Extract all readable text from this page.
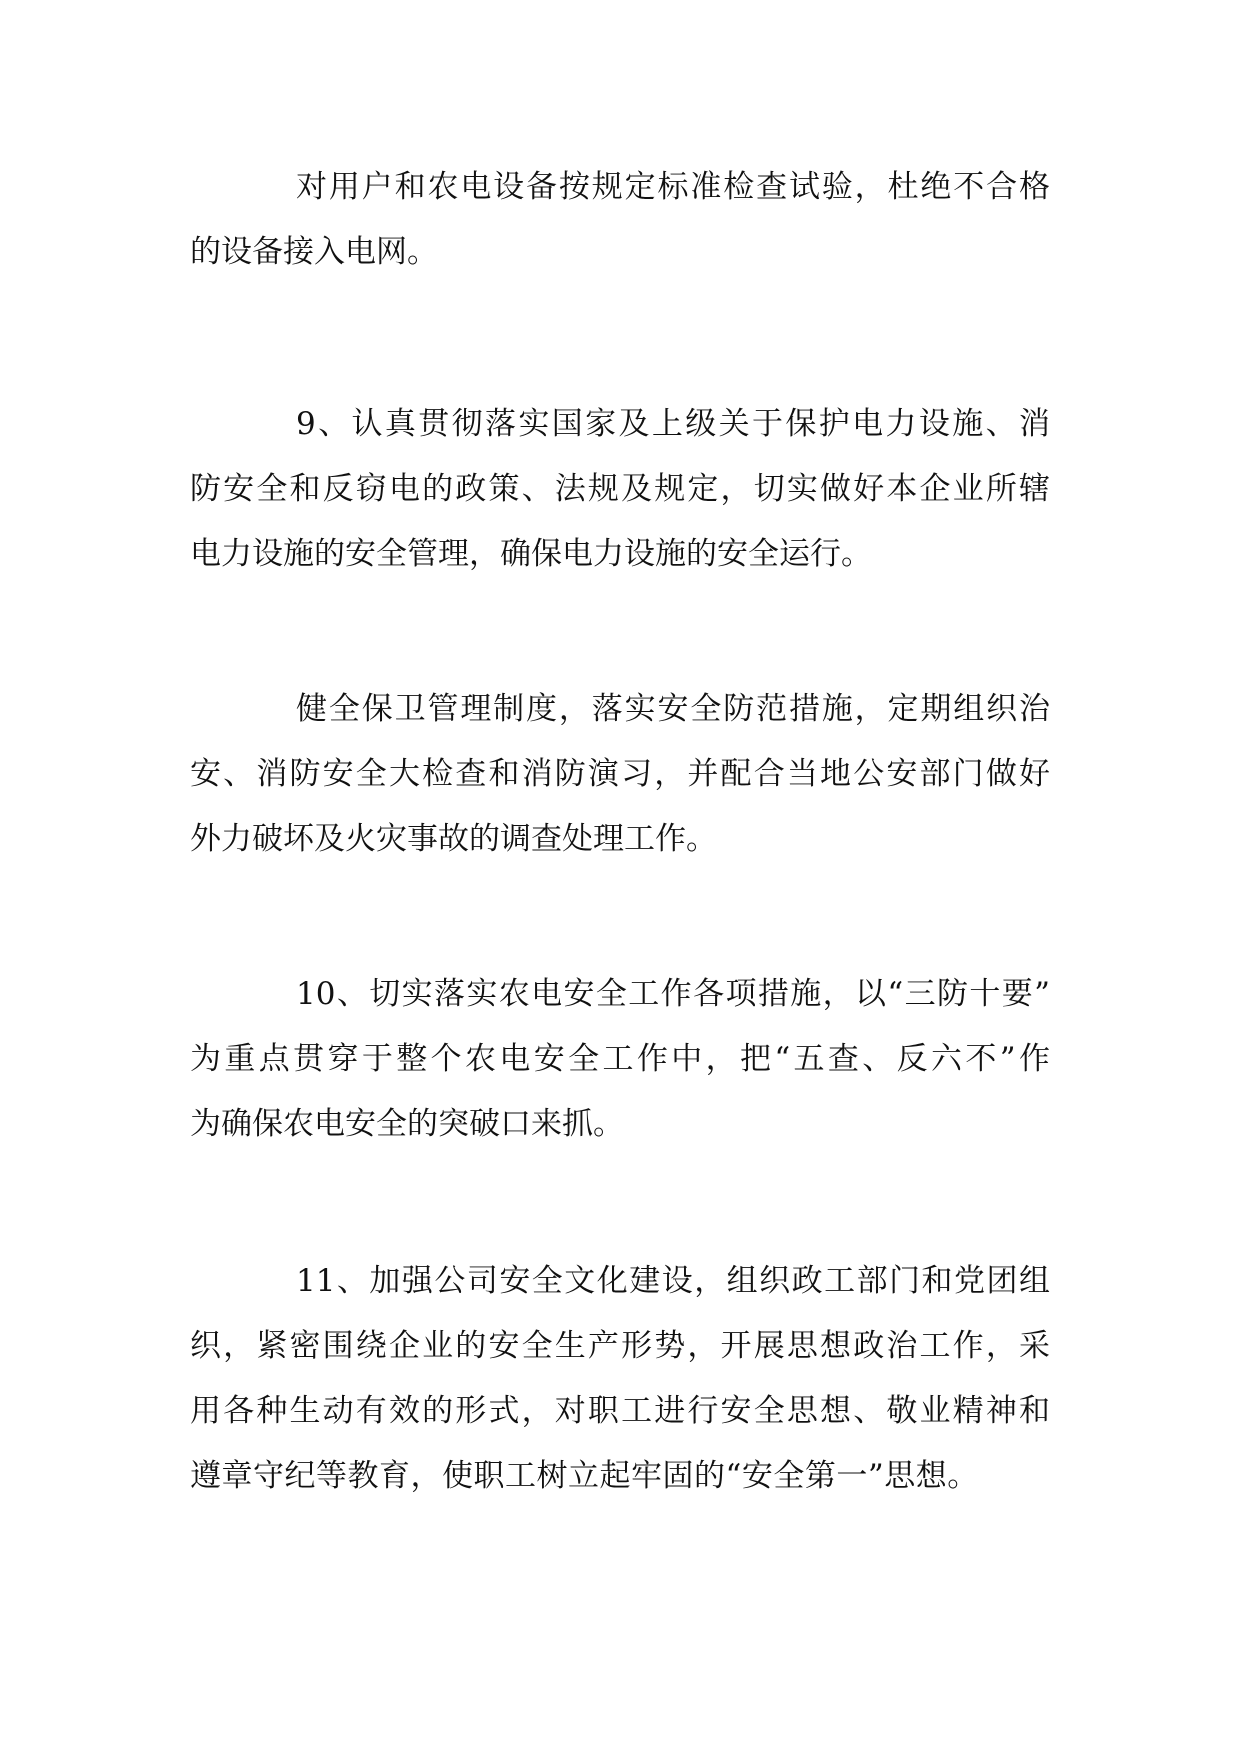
对用户和农电设备按规定标准检查试验，杜绝不合格
的设备接入电网。

9、认真贯彻落实国家及上级关于保护电力设施、消
防安全和反窃电的政策、法规及规定，切实做好本企业所辖
电力设施的安全管理，确保电力设施的安全运行。

健全保卫管理制度，落实安全防范措施，定期组织治
安、消防安全大检查和消防演习，并配合当地公安部门做好
外力破坏及火灾事故的调查处理工作。

10、切实落实农电安全工作各项措施，以“三防十要”
为重点贯穿于整个农电安全工作中，把“五查、反六不”作
为确保农电安全的突破口来抓。

11、加强公司安全文化建设，组织政工部门和党团组
织，紧密围绕企业的安全生产形势，开展思想政治工作，采
用各种生动有效的形式，对职工进行安全思想、敬业精神和
遵章守纪等教育，使职工树立起牢固的“安全第一”思想。
